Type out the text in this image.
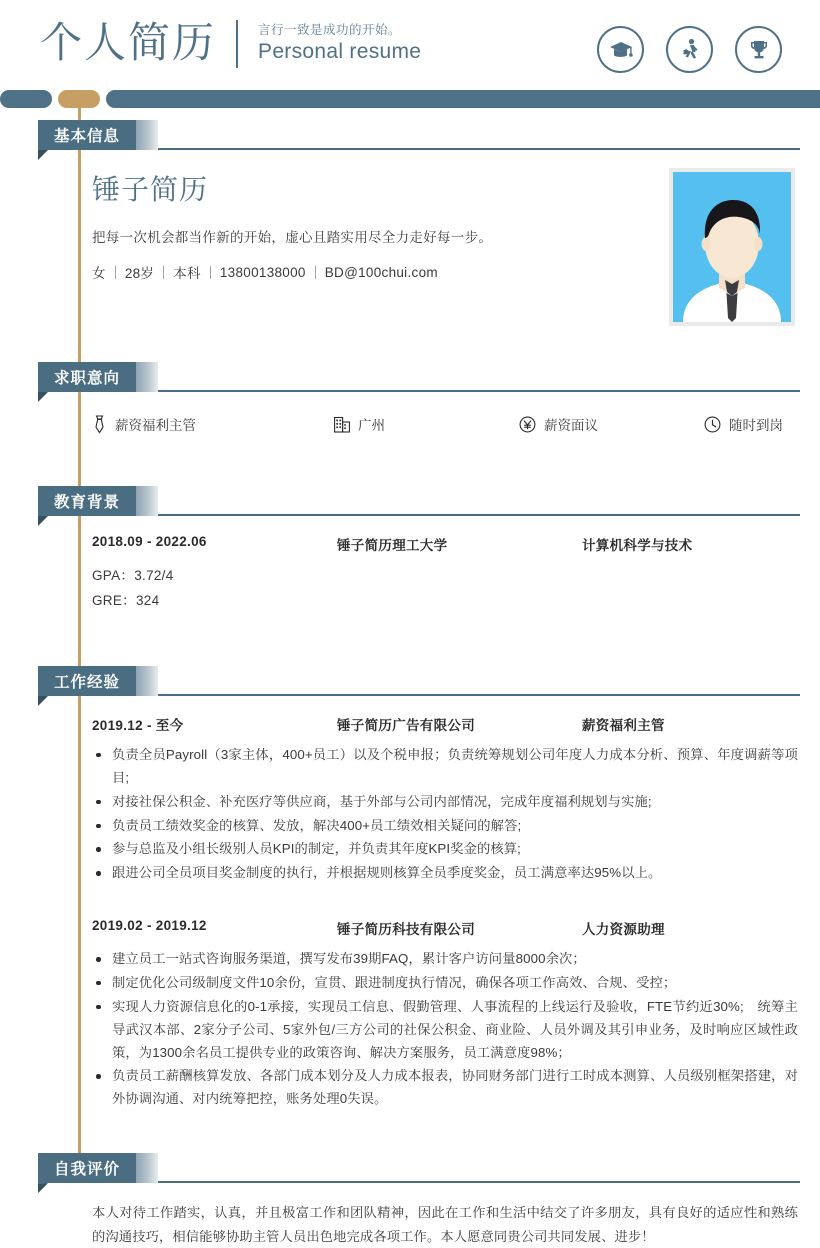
个人简历	言行一致是成功的开始。
Personal resume
基本信息
锤子简历
把每一次机会都当作新的开始，虚心且踏实用尽全力走好每一步。
女 28岁 本科 13800138000 BD@100chui.com
求职意向
薪资福利主管	广州	薪资面议	随时到岗
教育背景
2018.09 - 2022.06	锤子简历理工大学	计算机科学与技术
GPA：3.72/4
GRE：324
工作经验
2019.12 - 至今	锤子简历广告有限公司	薪资福利主管
负责全员Payroll（3家主体，400+员工）以及个税申报；负责统筹规划公司年度人力成本分析、预算、年度调薪等项目;
对接社保公积金、补充医疗等供应商，基于外部与公司内部情况，完成年度福利规划与实施;
负责员工绩效奖金的核算、发放，解决400+员工绩效相关疑问的解答;
参与总监及小组长级别人员KPI的制定，并负责其年度KPI奖金的核算;
跟进公司全员项目奖金制度的执行，并根据规则核算全员季度奖金，员工满意率达95%以上。
2019.02 - 2019.12	锤子简历科技有限公司	人力资源助理
建立员工一站式咨询服务渠道，撰写发布39期FAQ，累计客户访问量8000余次；
制定优化公司级制度文件10余份，宣贯、跟进制度执行情况，确保各项工作高效、合规、受控；
实现人力资源信息化的0-1承接，实现员工信息、假勤管理、人事流程的上线运行及验收，FTE节约近30%;　统筹主导武汉本部、2家分子公司、5家外包/三方公司的社保公积金、商业险、人员外调及其引申业务，及时响应区域性政策，为1300余名员工提供专业的政策咨询、解决方案服务，员工满意度98%；
负责员工薪酬核算发放、各部门成本划分及人力成本报表，协同财务部门进行工时成本测算、人员级别框架搭建，对外协调沟通、对内统筹把控，账务处理0失误。
自我评价
本人对待工作踏实，认真，并且极富工作和团队精神，因此在工作和生活中结交了许多朋友，具有良好的适应性和熟练的沟通技巧，相信能够协助主管人员出色地完成各项工作。本人愿意同贵公司共同发展、进步！
